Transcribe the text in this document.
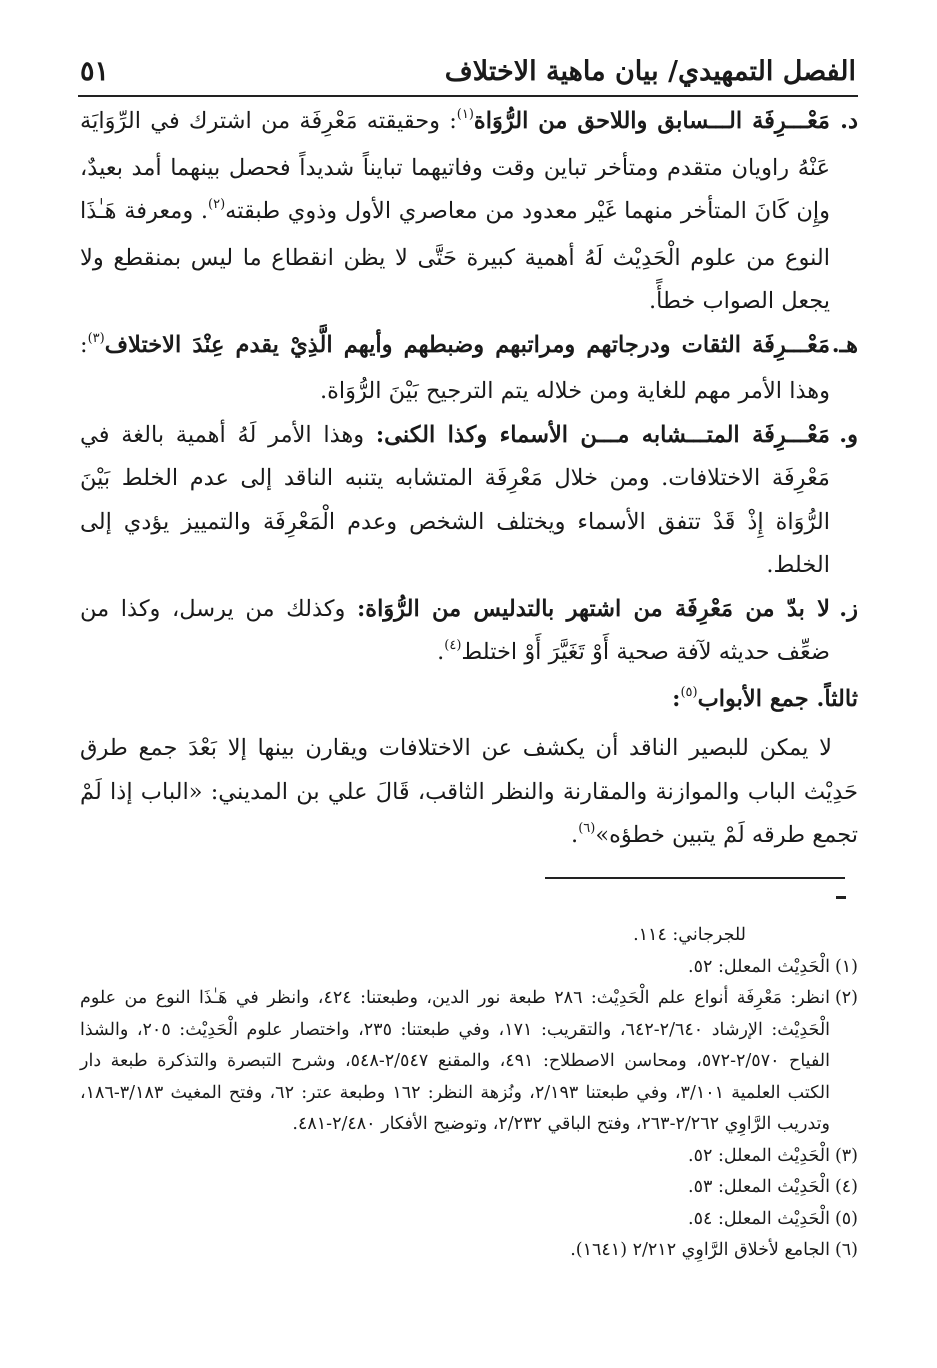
٥١	الفصل التمهيدي/ بيان ماهية الاختلاف

د.
مَعْـــرِفَة الـــسابق واللاحق من الرُّوَاة$^{(١)}$: وحقيقته مَعْرِفَة من اشترك في الرِّوَايَة عَنْهُ راويان متقدم ومتأخر تباين وقت وفاتيهما تبايناً شديداً فحصل بينهما أمد بعيدٌ، وإِن كَانَ المتأخر منهما غَيْر معدود من معاصري الأول وذوي طبقته$^{(٢)}$. ومعرفة هَـٰذَا النوع من علوم الْحَدِيْث لَهُ أهمية كبيرة حَتَّى لا يظن انقطاع ما ليس بمنقطع ولا يجعل الصواب خطأً.

هـ.
مَعْـــرِفَة الثقات ودرجاتهم ومراتبهم وضبطهم وأيهم الَّذِيْ يقدم عِنْدَ الاختلاف$^{(٣)}$: وهذا الأمر مهم للغاية ومن خلاله يتم الترجيح بَيْنَ الرُّوَاة.

و.
مَعْـــرِفَة المتـــشابه مـــن الأسماء وكذا الكنى: وهذا الأمر لَهُ أهمية بالغة في مَعْرِفَة الاختلافات. ومن خلال مَعْرِفَة المتشابه يتنبه الناقد إلى عدم الخلط بَيْنَ الرُّوَاة إِذْ قَدْ تتفق الأسماء ويختلف الشخص وعدم الْمَعْرِفَة والتمييز يؤدي إلى الخلط.

ز.
لا بدّ من مَعْرِفَة من اشتهر بالتدليس من الرُّوَاة: وكذلك من يرسل، وكذا من ضعِّف حديثه لآفة صحية أَوْ تَغَيَّرَ أَوْ اختلط$^{(٤)}$.

ثالثاً. جمع الأبواب$^{(٥)}$:

لا يمكن للبصير الناقد أن يكشف عن الاختلافات ويقارن بينها إلا بَعْدَ جمع طرق حَدِيْث الباب والموازنة والمقارنة والنظر الثاقب، قَالَ علي بن المديني: «الباب إذا لَمْ تجمع طرقه لَمْ يتبين خطؤه»$^{(٦)}$.

للجرجاني: ١١٤.

(١)
الْحَدِيْث المعلل: ٥٢.

(٢)
انظر: مَعْرِفَة أنواع علم الْحَدِيْث: ٢٨٦ طبعة نور الدين، وطبعتنا: ٤٢٤، وانظر في هَـٰذَا النوع من علوم الْحَدِيْث: الإرشاد ٢/٦٤٠-٦٤٢، والتقريب: ١٧١، وفي طبعتنا: ٢٣٥، واختصار علوم الْحَدِيْث: ٢٠٥، والشذا الفياح ٢/٥٧٠-٥٧٢، ومحاسن الاصطلاح: ٤٩١، والمقنع ٢/٥٤٧-٥٤٨، وشرح التبصرة والتذكرة طبعة دار الكتب العلمية ٣/١٠١، وفي طبعتنا ٢/١٩٣، ونُزهة النظر: ١٦٢ وطبعة عتر: ٦٢، وفتح المغيث ٣/١٨٣-١٨٦، وتدريب الرَّاوِي ٢/٢٦٢-٢٦٣، وفتح الباقي ٢/٢٣٢، وتوضيح الأفكار ٢/٤٨٠-٤٨١.

(٣)
الْحَدِيْث المعلل: ٥٢.

(٤)
الْحَدِيْث المعلل: ٥٣.

(٥)
الْحَدِيْث المعلل: ٥٤.

(٦)
الجامع لأخلاق الرَّاوِي ٢/٢١٢ (١٦٤١).
